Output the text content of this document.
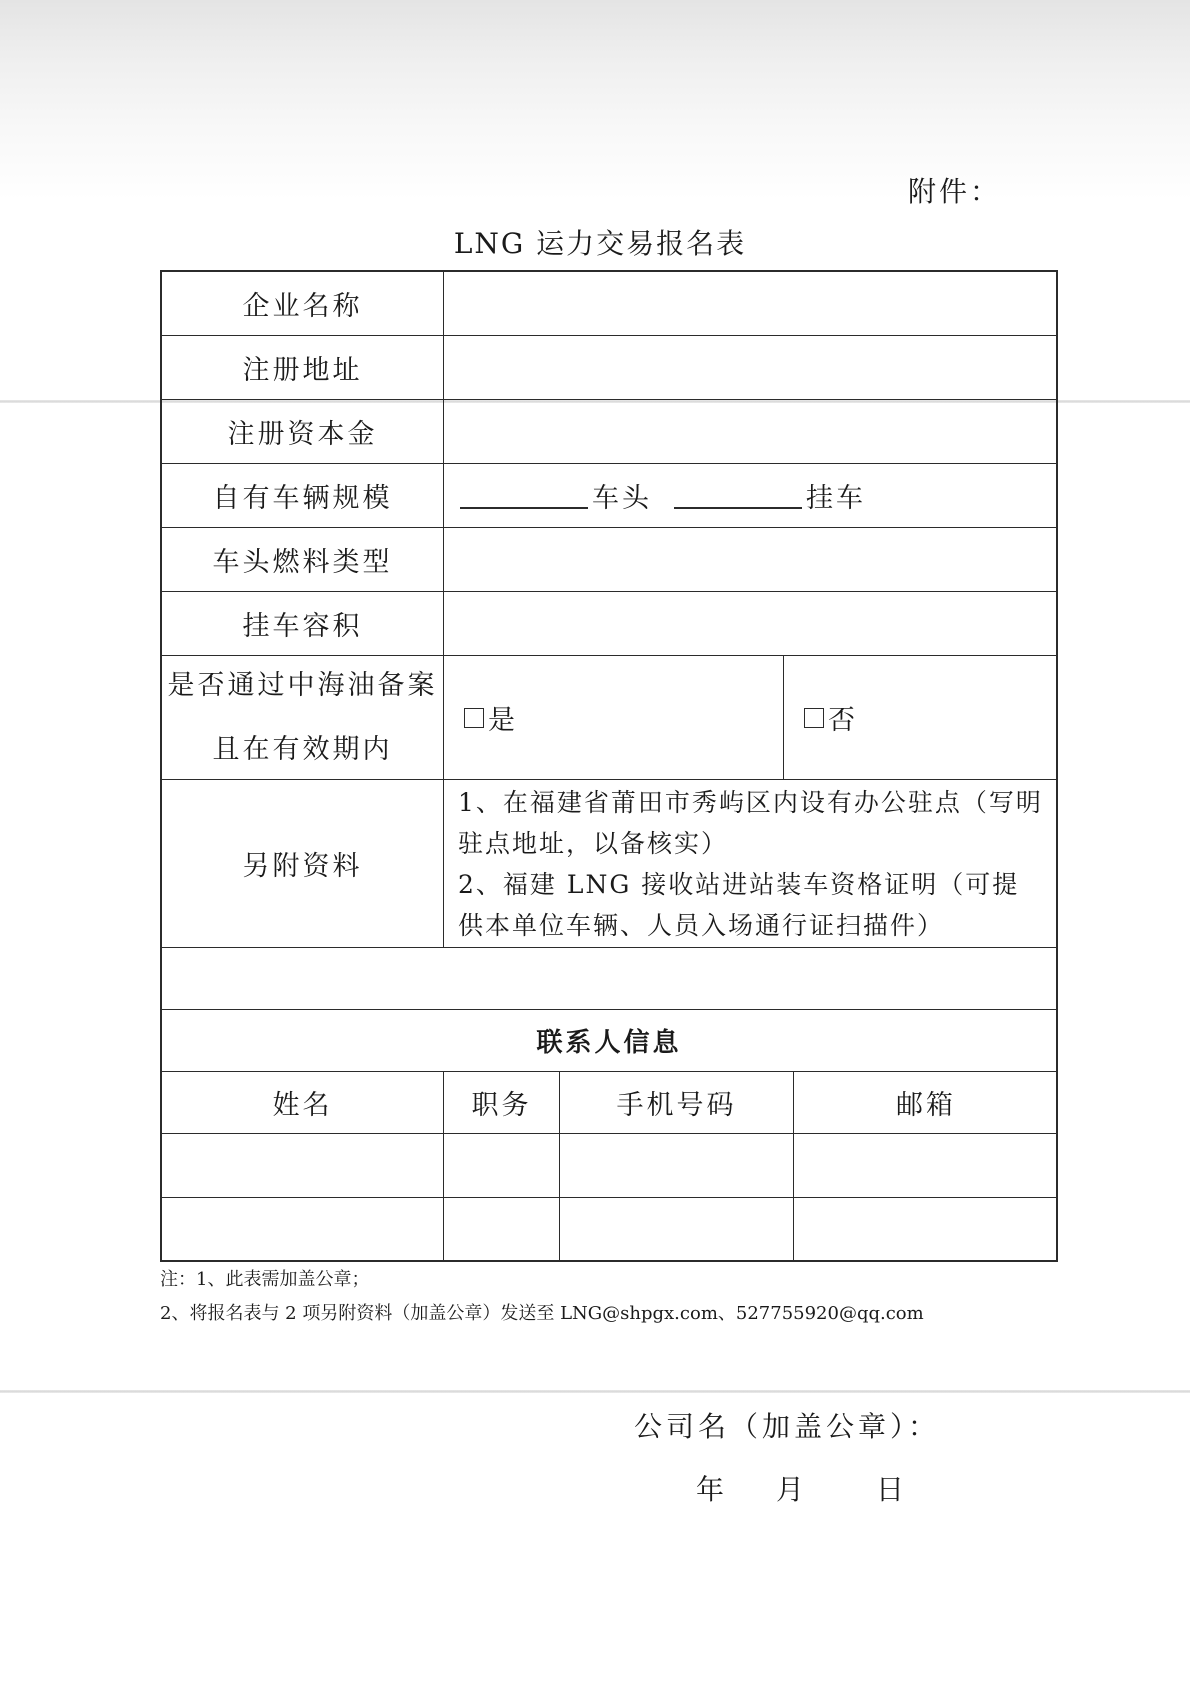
附件：
LNG 运力交易报名表
企业名称
注册地址
注册资本金
自有车辆规模	车头	挂车
车头燃料类型
挂车容积
是否通过中海油备案
且在有效期内
是	否
另附资料
1、在福建省莆田市秀屿区内设有办公驻点（写明驻点地址，以备核实）
2、福建 LNG 接收站进站装车资格证明（可提供本单位车辆、人员入场通行证扫描件）
联系人信息
姓名	职务	手机号码	邮箱
注：1、此表需加盖公章；
2、将报名表与 2 项另附资料（加盖公章）发送至 LNG@shpgx.com、527755920@qq.com
公司名（加盖公章）：
年 月	日
